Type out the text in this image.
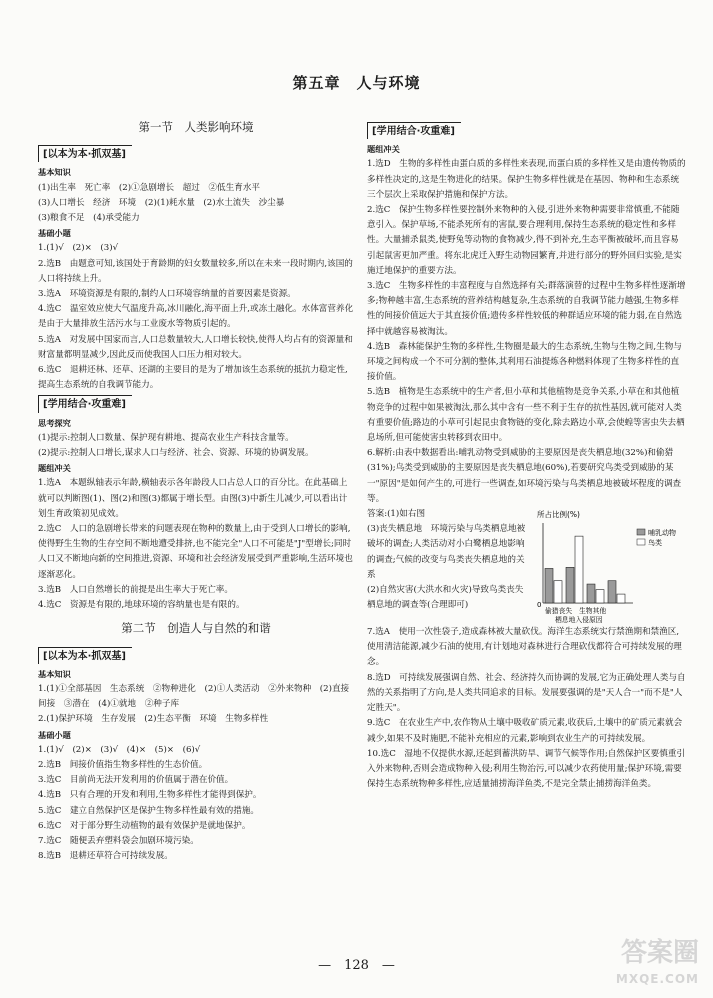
第五章　人与环境
第一节　人类影响环境
[以本为本·抓双基]
基本知识

(1)出生率　死亡率　(2)①急剧增长　超过　②低生育水平

(3)人口增长　经济　环境　(2)(1)耗水量　(2)水土流失　沙尘暴

(3)粮食不足　(4)承受能力

基础小题

1.(1)√　(2)×　(3)√

2.选B　由题意可知,该国处于育龄期的妇女数量较多,所以在未来一段时期内,该国的人口将持续上升。

3.选A　环境资源是有限的,制约人口环境容纳量的首要因素是资源。

4.选C　温室效应使大气温度升高,冰川融化,海平面上升,或冻土融化。水体富营养化是由于大量排放生活污水与工业废水等物质引起的。

5.选A　对发展中国家而言,人口总数量较大,人口增长较快,使得人均占有的资源量和财富量都明显减少,因此反而使我国人口压力相对较大。

6.选C　退耕还林、还草、还湖的主要目的是为了增加该生态系统的抵抗力稳定性,提高生态系统的自我调节能力。

[学用结合·攻重难]
思考探究

(1)提示:控制人口数量、保护现有耕地、提高农业生产科技含量等。

(2)提示:控制人口增长,谋求人口与经济、社会、资源、环境的协调发展。

题组冲关

1.选A　本题纵轴表示年龄,横轴表示各年龄段人口占总人口的百分比。在此基础上就可以判断图(1)、图(2)和图(3)都属于增长型。由图(3)中新生儿减少,可以看出计划生育政策初见成效。

2.选C　人口的急剧增长带来的问题表现在物种的数量上,由于受到人口增长的影响,使得野生生物的生存空间不断地遭受排挤,也不能完全"人口不可能是"J"型增长;同时人口又不断地向新的空间推进,资源、环境和社会经济发展受到严重影响,生活环境也逐渐恶化。

3.选B　人口自然增长的前提是出生率大于死亡率。

4.选C　资源是有限的,地球环境的容纳量也是有限的。

第二节　创造人与自然的和谐
[以本为本·抓双基]
基本知识

1.(1)①全部基因　生态系统　②物种进化　(2)①人类活动　②外来物种　(2)直接　间接　③潜在　(4)①就地　②种子库

2.(1)保护环境　生存发展　(2)生态平衡　环境　生物多样性

基础小题

1.(1)√　(2)×　(3)√　(4)×　(5)×　(6)√

2.选B　间接价值指生物多样性的生态价值。

3.选C　目前尚无法开发利用的价值属于潜在价值。

4.选B　只有合理的开发和利用,生物多样性才能得到保护。

5.选C　建立自然保护区是保护生物多样性最有效的措施。

6.选C　对于部分野生动植物的最有效保护是就地保护。

7.选C　随便丢弃塑料袋会加剧环境污染。

8.选B　退耕还草符合可持续发展。

[学用结合·攻重难]
题组冲关

1.选D　生物的多样性由蛋白质的多样性来表现,而蛋白质的多样性又是由遗传物质的多样性决定的,这是生物进化的结果。保护生物多样性就是在基因、物种和生态系统三个层次上采取保护措施和保护方法。

2.选C　保护生物多样性要控制外来物种的入侵,引进外来物种需要非常慎重,不能随意引入。保护草场,不能杀死所有的害鼠,要合理利用,保持生态系统的稳定性和多样性。大量捕杀鼠类,使野兔等动物的食物减少,得不到补充,生态平衡被破坏,而且容易引起鼠害更加严重。将东北虎迁入野生动物园繁育,并进行部分的野外回归实验,是实施迁地保护的重要方法。

3.选C　生物多样性的丰富程度与自然选择有关;群落演替的过程中生物多样性逐渐增多;物种越丰富,生态系统的营养结构越复杂,生态系统的自我调节能力越强,生物多样性的间接价值远大于其直接价值;遗传多样性较低的种群适应环境的能力弱,在自然选择中就越容易被淘汰。

4.选B　森林能保护生物的多样性,生物圈是最大的生态系统,生物与生物之间,生物与环境之间构成一个不可分割的整体,其利用石油提炼各种燃料体现了生物多样性的直接价值。

5.选B　植物是生态系统中的生产者,但小草和其他植物是竞争关系,小草在和其他植物竞争的过程中如果被淘汰,那么其中含有一些不利于生存的抗性基因,就可能对人类有重要价值;路边的小草可引起昆虫食物链的变化,除去路边小草,会使蝗等害虫失去栖息场所,但可能使害虫转移到农田中。

6.解析:由表中数据看出:哺乳动物受到威胁的主要原因是丧失栖息地(32%)和偷猎(31%);鸟类受到威胁的主要原因是丧失栖息地(60%),若要研究鸟类受到威胁的某一"原因"是如何产生的,可进行一些调查,如环境污染与鸟类栖息地被破坏程度的调查等。

答案:(1)如右图

(3)丧失栖息地　环境污染与鸟类栖息地被破坏的调查;人类活动对小白鹭栖息地影响的调查;气候的改变与鸟类丧失栖息地的关系

(2)自然灾害(大洪水和火灾)导致鸟类丧失栖息地的调查等(合理即可)

所占比例(%)
0
哺乳动物
鸟类
偷猎丧失　生物其他
栖息地入侵原因

7.选A　使用一次性袋子,造成森林被大量砍伐。海洋生态系统实行禁渔期和禁渔区,使用清洁能源,减少石油的使用,有计划地对森林进行合理砍伐都符合可持续发展的理念。

8.选D　可持续发展强调自然、社会、经济持久而协调的发展,它为正确处理人类与自然的关系指明了方向,是人类共同追求的目标。发展要强调的是"天人合一"而不是"人定胜天"。

9.选C　在农业生产中,农作物从土壤中吸收矿质元素,收获后,土壤中的矿质元素就会减少,如果不及时施肥,不能补充相应的元素,影响到农业生产的可持续发展。

10.选C　湿地不仅提供水源,还起到蓄洪防旱、调节气候等作用;自然保护区要慎重引入外来物种,否则会造成物种入侵;利用生物治污,可以减少农药使用量;保护环境,需要保持生态系统物种多样性,应适量捕捞海洋鱼类,不是完全禁止捕捞海洋鱼类。

—　128　—	答案圈
MXQE.COM
